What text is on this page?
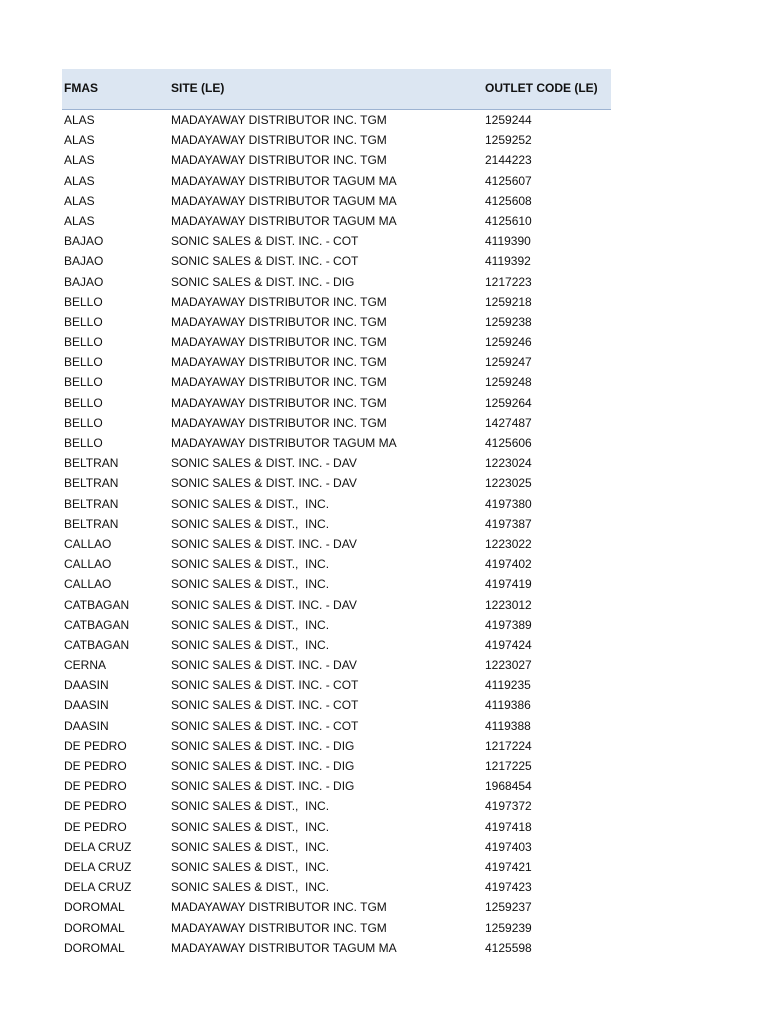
FMAS	SITE (LE)	OUTLET CODE (LE)
ALAS	MADAYAWAY DISTRIBUTOR INC. TGM	1259244
ALAS	MADAYAWAY DISTRIBUTOR INC. TGM	1259252
ALAS	MADAYAWAY DISTRIBUTOR INC. TGM	2144223
ALAS	MADAYAWAY DISTRIBUTOR TAGUM MA	4125607
ALAS	MADAYAWAY DISTRIBUTOR TAGUM MA	4125608
ALAS	MADAYAWAY DISTRIBUTOR TAGUM MA	4125610
BAJAO	SONIC SALES & DIST. INC. - COT	4119390
BAJAO	SONIC SALES & DIST. INC. - COT	4119392
BAJAO	SONIC SALES & DIST. INC. - DIG	1217223
BELLO	MADAYAWAY DISTRIBUTOR INC. TGM	1259218
BELLO	MADAYAWAY DISTRIBUTOR INC. TGM	1259238
BELLO	MADAYAWAY DISTRIBUTOR INC. TGM	1259246
BELLO	MADAYAWAY DISTRIBUTOR INC. TGM	1259247
BELLO	MADAYAWAY DISTRIBUTOR INC. TGM	1259248
BELLO	MADAYAWAY DISTRIBUTOR INC. TGM	1259264
BELLO	MADAYAWAY DISTRIBUTOR INC. TGM	1427487
BELLO	MADAYAWAY DISTRIBUTOR TAGUM MA	4125606
BELTRAN	SONIC SALES & DIST. INC. - DAV	1223024
BELTRAN	SONIC SALES & DIST. INC. - DAV	1223025
BELTRAN	SONIC SALES & DIST.,  INC.	4197380
BELTRAN	SONIC SALES & DIST.,  INC.	4197387
CALLAO	SONIC SALES & DIST. INC. - DAV	1223022
CALLAO	SONIC SALES & DIST.,  INC.	4197402
CALLAO	SONIC SALES & DIST.,  INC.	4197419
CATBAGAN	SONIC SALES & DIST. INC. - DAV	1223012
CATBAGAN	SONIC SALES & DIST.,  INC.	4197389
CATBAGAN	SONIC SALES & DIST.,  INC.	4197424
CERNA	SONIC SALES & DIST. INC. - DAV	1223027
DAASIN	SONIC SALES & DIST. INC. - COT	4119235
DAASIN	SONIC SALES & DIST. INC. - COT	4119386
DAASIN	SONIC SALES & DIST. INC. - COT	4119388
DE PEDRO	SONIC SALES & DIST. INC. - DIG	1217224
DE PEDRO	SONIC SALES & DIST. INC. - DIG	1217225
DE PEDRO	SONIC SALES & DIST. INC. - DIG	1968454
DE PEDRO	SONIC SALES & DIST.,  INC.	4197372
DE PEDRO	SONIC SALES & DIST.,  INC.	4197418
DELA CRUZ	SONIC SALES & DIST.,  INC.	4197403
DELA CRUZ	SONIC SALES & DIST.,  INC.	4197421
DELA CRUZ	SONIC SALES & DIST.,  INC.	4197423
DOROMAL	MADAYAWAY DISTRIBUTOR INC. TGM	1259237
DOROMAL	MADAYAWAY DISTRIBUTOR INC. TGM	1259239
DOROMAL	MADAYAWAY DISTRIBUTOR TAGUM MA	4125598
